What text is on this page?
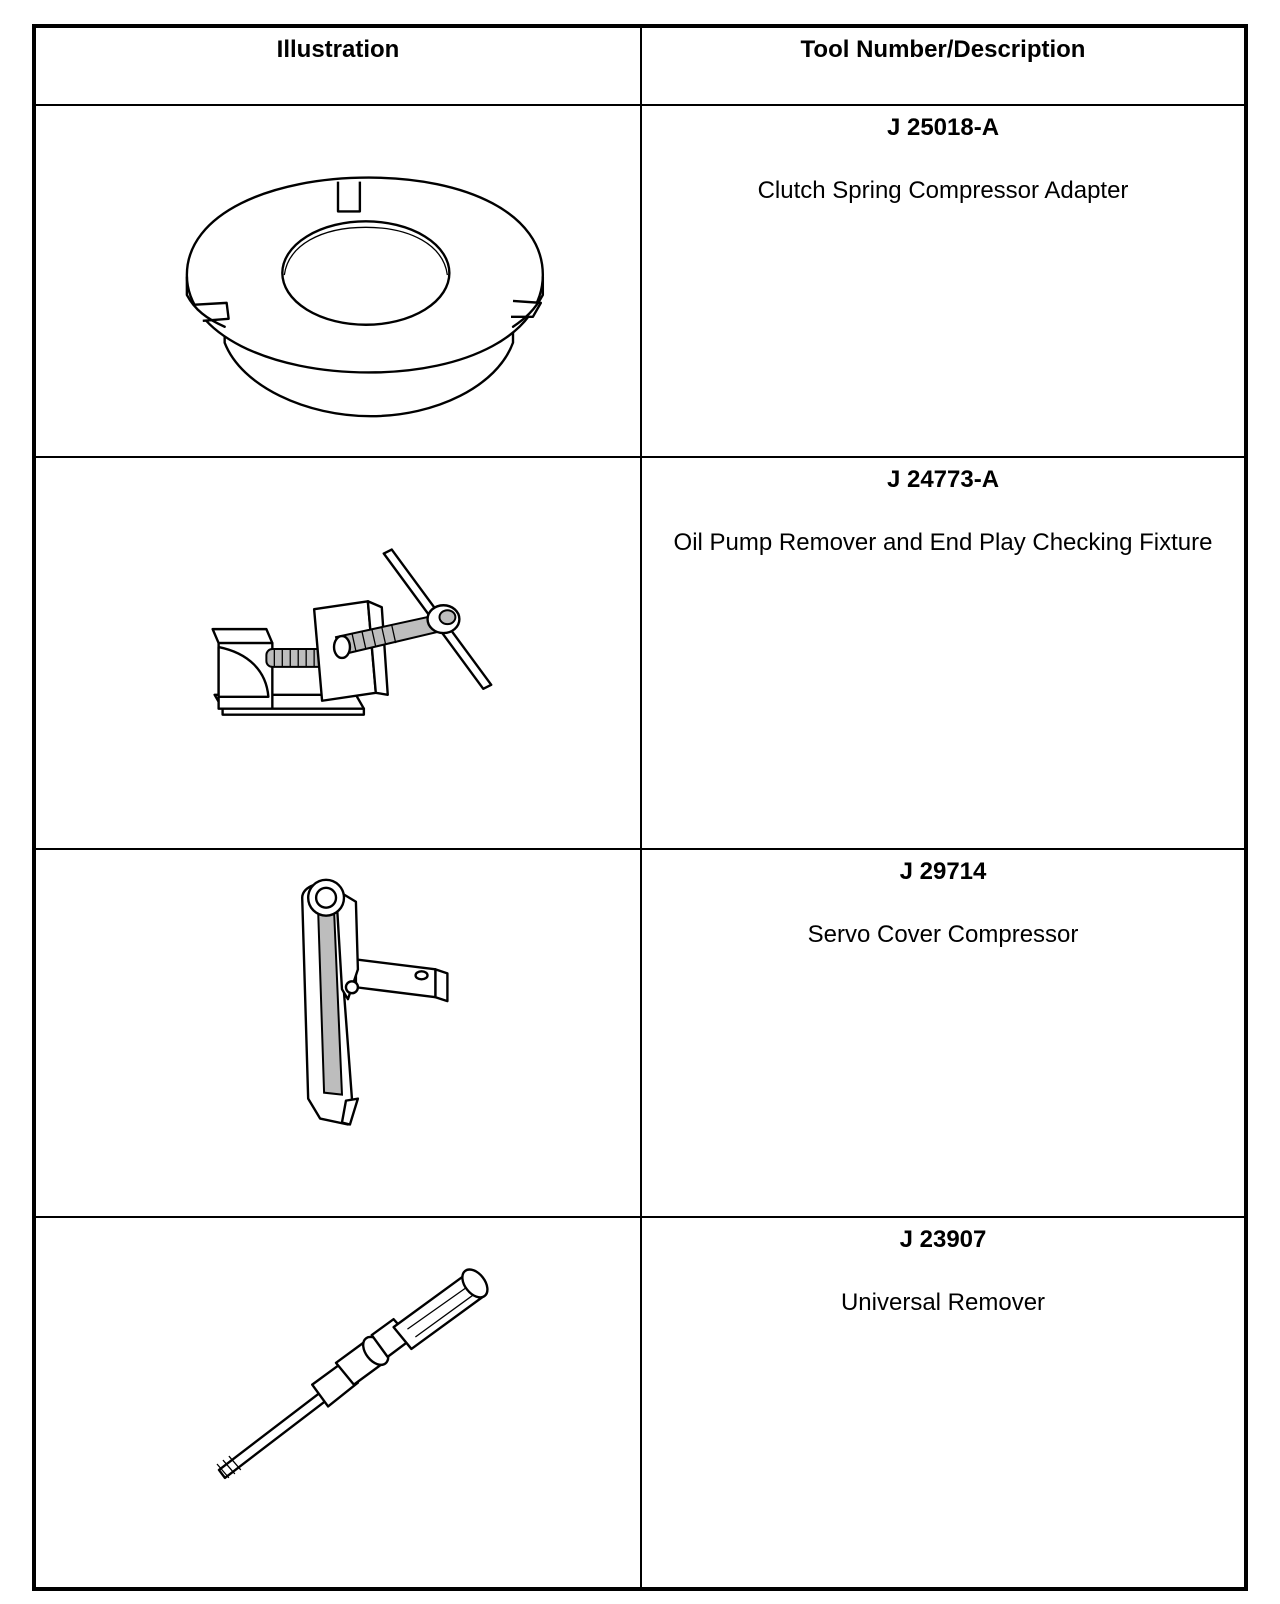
Illustration	Tool Number/Description

J 25018-A
Clutch Spring Compressor Adapter

J 24773-A
Oil Pump Remover and End Play Checking Fixture

J 29714
Servo Cover Compressor

J 23907
Universal Remover
